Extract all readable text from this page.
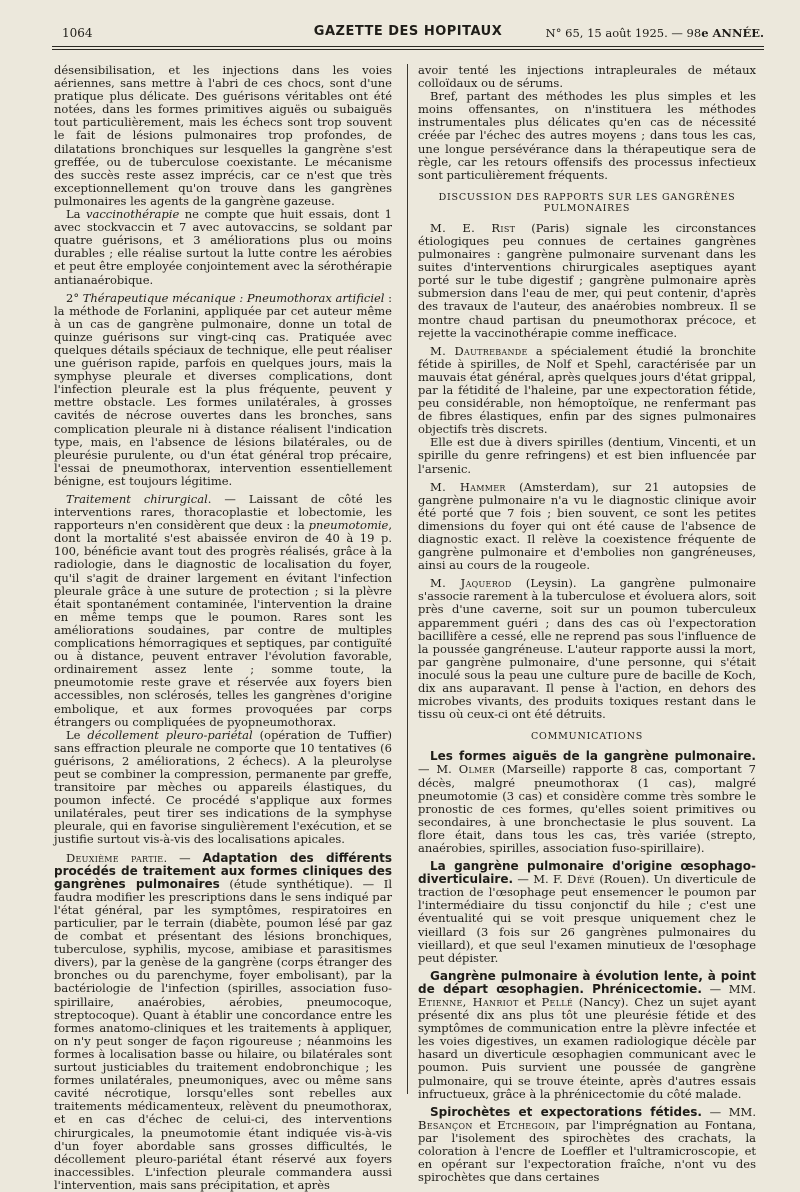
1064	GAZETTE DES HOPITAUX	N° 65, 15 août 1925. — 98e ANNÉE.

désensibilisation, et les injections dans les voies aériennes, sans mettre à l'abri de ces chocs, sont d'une pratique plus délicate. Des guérisons véritables ont été notées, dans les formes primitives aiguës ou subaiguës tout particulièrement, mais les échecs sont trop souvent le fait de lésions pulmonaires trop profondes, de dilatations bronchiques sur lesquelles la gangrène s'est greffée, ou de tuberculose coexistante. Le mécanisme des succès reste assez imprécis, car ce n'est que très exceptionnellement qu'on trouve dans les gangrènes pulmonaires les agents de la gangrène gazeuse.

La vaccinothérapie ne compte que huit essais, dont 1 avec stockvaccin et 7 avec autovaccins, se soldant par quatre guérisons, et 3 améliorations plus ou moins durables ; elle réalise surtout la lutte contre les aérobies et peut être employée conjointement avec la sérothérapie antianaérobique.

2° Thérapeutique mécanique : Pneumothorax artificiel : la méthode de Forlanini, appliquée par cet auteur même à un cas de gangrène pulmonaire, donne un total de quinze guérisons sur vingt-cinq cas. Pratiquée avec quelques détails spéciaux de technique, elle peut réaliser une guérison rapide, parfois en quelques jours, mais la symphyse pleurale et diverses complications, dont l'infection pleurale est la plus fréquente, peuvent y mettre obstacle. Les formes unilatérales, à grosses cavités de nécrose ouvertes dans les bronches, sans complication pleurale ni à distance réalisent l'indication type, mais, en l'absence de lésions bilatérales, ou de pleurésie purulente, ou d'un état général trop précaire, l'essai de pneumothorax, intervention essentiellement bénigne, est toujours légitime.

Traitement chirurgical. — Laissant de côté les interventions rares, thoracoplastie et lobectomie, les rapporteurs n'en considèrent que deux : la pneumotomie, dont la mortalité s'est abaissée environ de 40 à 19 p. 100, bénéficie avant tout des progrès réalisés, grâce à la radiologie, dans le diagnostic de localisation du foyer, qu'il s'agit de drainer largement en évitant l'infection pleurale grâce à une suture de protection ; si la plèvre était spontanément contaminée, l'intervention la draine en même temps que le poumon. Rares sont les améliorations soudaines, par contre de multiples complications hémorragiques et septiques, par contiguïté ou à distance, peuvent entraver l'évolution favorable, ordinairement assez lente ; somme toute, la pneumotomie reste grave et réservée aux foyers bien accessibles, non sclérosés, telles les gangrènes d'origine embolique, et aux formes provoquées par corps étrangers ou compliquées de pyopneumothorax.

Le décollement pleuro-pariétal (opération de Tuffier) sans effraction pleurale ne comporte que 10 tentatives (6 guérisons, 2 améliorations, 2 échecs). A la pleurolyse peut se combiner la compression, permanente par greffe, transitoire par mèches ou appareils élastiques, du poumon infecté. Ce procédé s'applique aux formes unilatérales, peut tirer ses indications de la symphyse pleurale, qui en favorise singulièrement l'exécution, et se justifie surtout vis-à-vis des localisations apicales.

Deuxième partie. — Adaptation des différents procédés de traitement aux formes cliniques des gangrènes pulmonaires (étude synthétique). — Il faudra modifier les prescriptions dans le sens indiqué par l'état général, par les symptômes, respiratoires en particulier, par le terrain (diabète, poumon lésé par gaz de combat et présentant des lésions bronchiques, tuberculose, syphilis, mycose, amibiase et parasitismes divers), par la genèse de la gangrène (corps étranger des bronches ou du parenchyme, foyer embolisant), par la bactériologie de l'infection (spirilles, association fuso-spirillaire, anaérobies, aérobies, pneumocoque, streptocoque). Quant à établir une concordance entre les formes anatomo-cliniques et les traitements à appliquer, on n'y peut songer de façon rigoureuse ; néanmoins les formes à localisation basse ou hilaire, ou bilatérales sont surtout justiciables du traitement endobronchique ; les formes unilatérales, pneumoniques, avec ou même sans cavité nécrotique, lorsqu'elles sont rebelles aux traitements médicamenteux, relèvent du pneumothorax, et en cas d'échec de celui-ci, des interventions chirurgicales, la pneumotomie étant indiquée vis-à-vis d'un foyer abordable sans grosses difficultés, le décollement pleuro-pariétal étant réservé aux foyers inaccessibles. L'infection pleurale commandera aussi l'intervention, mais sans précipitation, et après

avoir tenté les injections intrapleurales de métaux colloïdaux ou de sérums.

Bref, partant des méthodes les plus simples et les moins offensantes, on n'instituera les méthodes instrumentales plus délicates qu'en cas de nécessité créée par l'échec des autres moyens ; dans tous les cas, une longue persévérance dans la thérapeutique sera de règle, car les retours offensifs des processus infectieux sont particulièrement fréquents.

DISCUSSION DES RAPPORTS SUR LES GANGRÈNES PULMONAIRES

M. E. Rist (Paris) signale les circonstances étiologiques peu connues de certaines gangrènes pulmonaires : gangrène pulmonaire survenant dans les suites d'interventions chirurgicales aseptiques ayant porté sur le tube digestif ; gangrène pulmonaire après submersion dans l'eau de mer, qui peut contenir, d'après des travaux de l'auteur, des anaérobies nombreux. Il se montre chaud partisan du pneumothorax précoce, et rejette la vaccinothérapie comme inefficace.

M. Dautrebande a spécialement étudié la bronchite fétide à spirilles, de Nolf et Spehl, caractérisée par un mauvais état général, après quelques jours d'état grippal, par la fétidité de l'haleine, par une expectoration fétide, peu considérable, non hémoptoïque, ne renfermant pas de fibres élastiques, enfin par des signes pulmonaires objectifs très discrets.

Elle est due à divers spirilles (dentium, Vincenti, et un spirille du genre refringens) et est bien influencée par l'arsenic.

M. Hammer (Amsterdam), sur 21 autopsies de gangrène pulmonaire n'a vu le diagnostic clinique avoir été porté que 7 fois ; bien souvent, ce sont les petites dimensions du foyer qui ont été cause de l'absence de diagnostic exact. Il relève la coexistence fréquente de gangrène pulmonaire et d'embolies non gangréneuses, ainsi au cours de la rougeole.

M. Jaquerod (Leysin). La gangrène pulmonaire s'associe rarement à la tuberculose et évoluera alors, soit près d'une caverne, soit sur un poumon tuberculeux apparemment guéri ; dans des cas où l'expectoration bacillifère a cessé, elle ne reprend pas sous l'influence de la poussée gangréneuse. L'auteur rapporte aussi la mort, par gangrène pulmonaire, d'une personne, qui s'était inoculé sous la peau une culture pure de bacille de Koch, dix ans auparavant. Il pense à l'action, en dehors des microbes vivants, des produits toxiques restant dans le tissu où ceux-ci ont été détruits.

COMMUNICATIONS

Les formes aiguës de la gangrène pulmonaire. — M. Olmer (Marseille) rapporte 8 cas, comportant 7 décès, malgré pneumothorax (1 cas), malgré pneumotomie (3 cas) et considère comme très sombre le pronostic de ces formes, qu'elles soient primitives ou secondaires, à une bronchectasie le plus souvent. La flore était, dans tous les cas, très variée (strepto, anaérobies, spirilles, association fuso-spirillaire).

La gangrène pulmonaire d'origine œsophago-diverticulaire. — M. F. Dévé (Rouen). Un diverticule de traction de l'œsophage peut ensemencer le poumon par l'intermédiaire du tissu conjonctif du hile ; c'est une éventualité qui se voit presque uniquement chez le vieillard (3 fois sur 26 gangrènes pulmonaires du vieillard), et que seul l'examen minutieux de l'œsophage peut dépister.

Gangrène pulmonaire à évolution lente, à point de départ œsophagien. Phrénicectomie. — MM. Etienne, Hanriot et Pellé (Nancy). Chez un sujet ayant présenté dix ans plus tôt une pleurésie fétide et des symptômes de communication entre la plèvre infectée et les voies digestives, un examen radiologique décèle par hasard un diverticule œsophagien communicant avec le poumon. Puis survient une poussée de gangrène pulmonaire, qui se trouve éteinte, après d'autres essais infructueux, grâce à la phrénicectomie du côté malade.

Spirochètes et expectorations fétides. — MM. Besançon et Etchegoin, par l'imprégnation au Fontana, par l'isolement des spirochètes des crachats, la coloration à l'encre de Loeffler et l'ultramicroscopie, et en opérant sur l'expectoration fraîche, n'ont vu des spirochètes que dans certaines
